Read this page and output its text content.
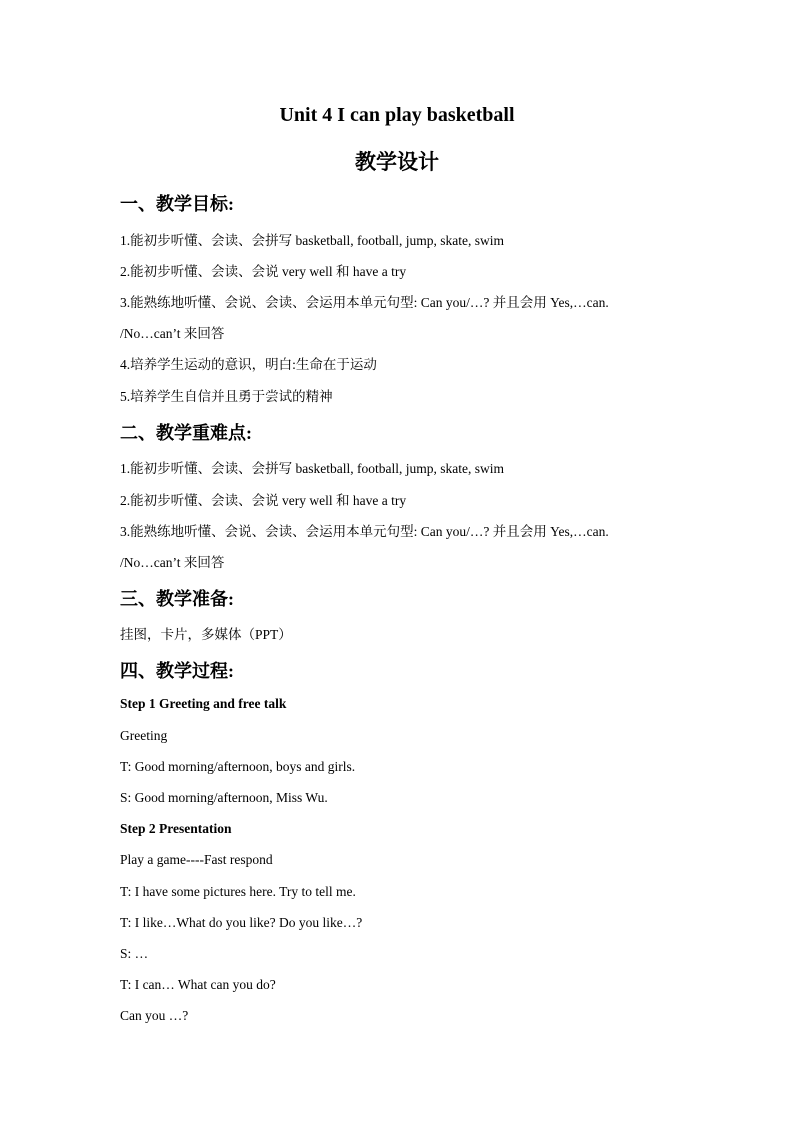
Unit 4 I can play basketball
教学设计
一、教学目标:
1.能初步听懂、会读、会拼写 basketball, football, jump, skate, swim
2.能初步听懂、会读、会说 very well 和 have a try
3.能熟练地听懂、会说、会读、会运用本单元句型: Can you/…? 并且会用 Yes,…can.
/No…can’t 来回答
4.培养学生运动的意识，明白:生命在于运动
5.培养学生自信并且勇于尝试的精神
二、教学重难点:
1.能初步听懂、会读、会拼写 basketball, football, jump, skate, swim
2.能初步听懂、会读、会说 very well 和 have a try
3.能熟练地听懂、会说、会读、会运用本单元句型: Can you/…? 并且会用 Yes,…can.
/No…can’t 来回答
三、教学准备:
挂图，卡片，多媒体（PPT）
四、教学过程:
Step 1 Greeting and free talk
Greeting
T: Good morning/afternoon, boys and girls.
S: Good morning/afternoon, Miss Wu.
Step 2 Presentation
Play a game----Fast respond
T: I have some pictures here. Try to tell me.
T: I like…What do you like? Do you like…?
S: …
T: I can… What can you do?
Can you …?
